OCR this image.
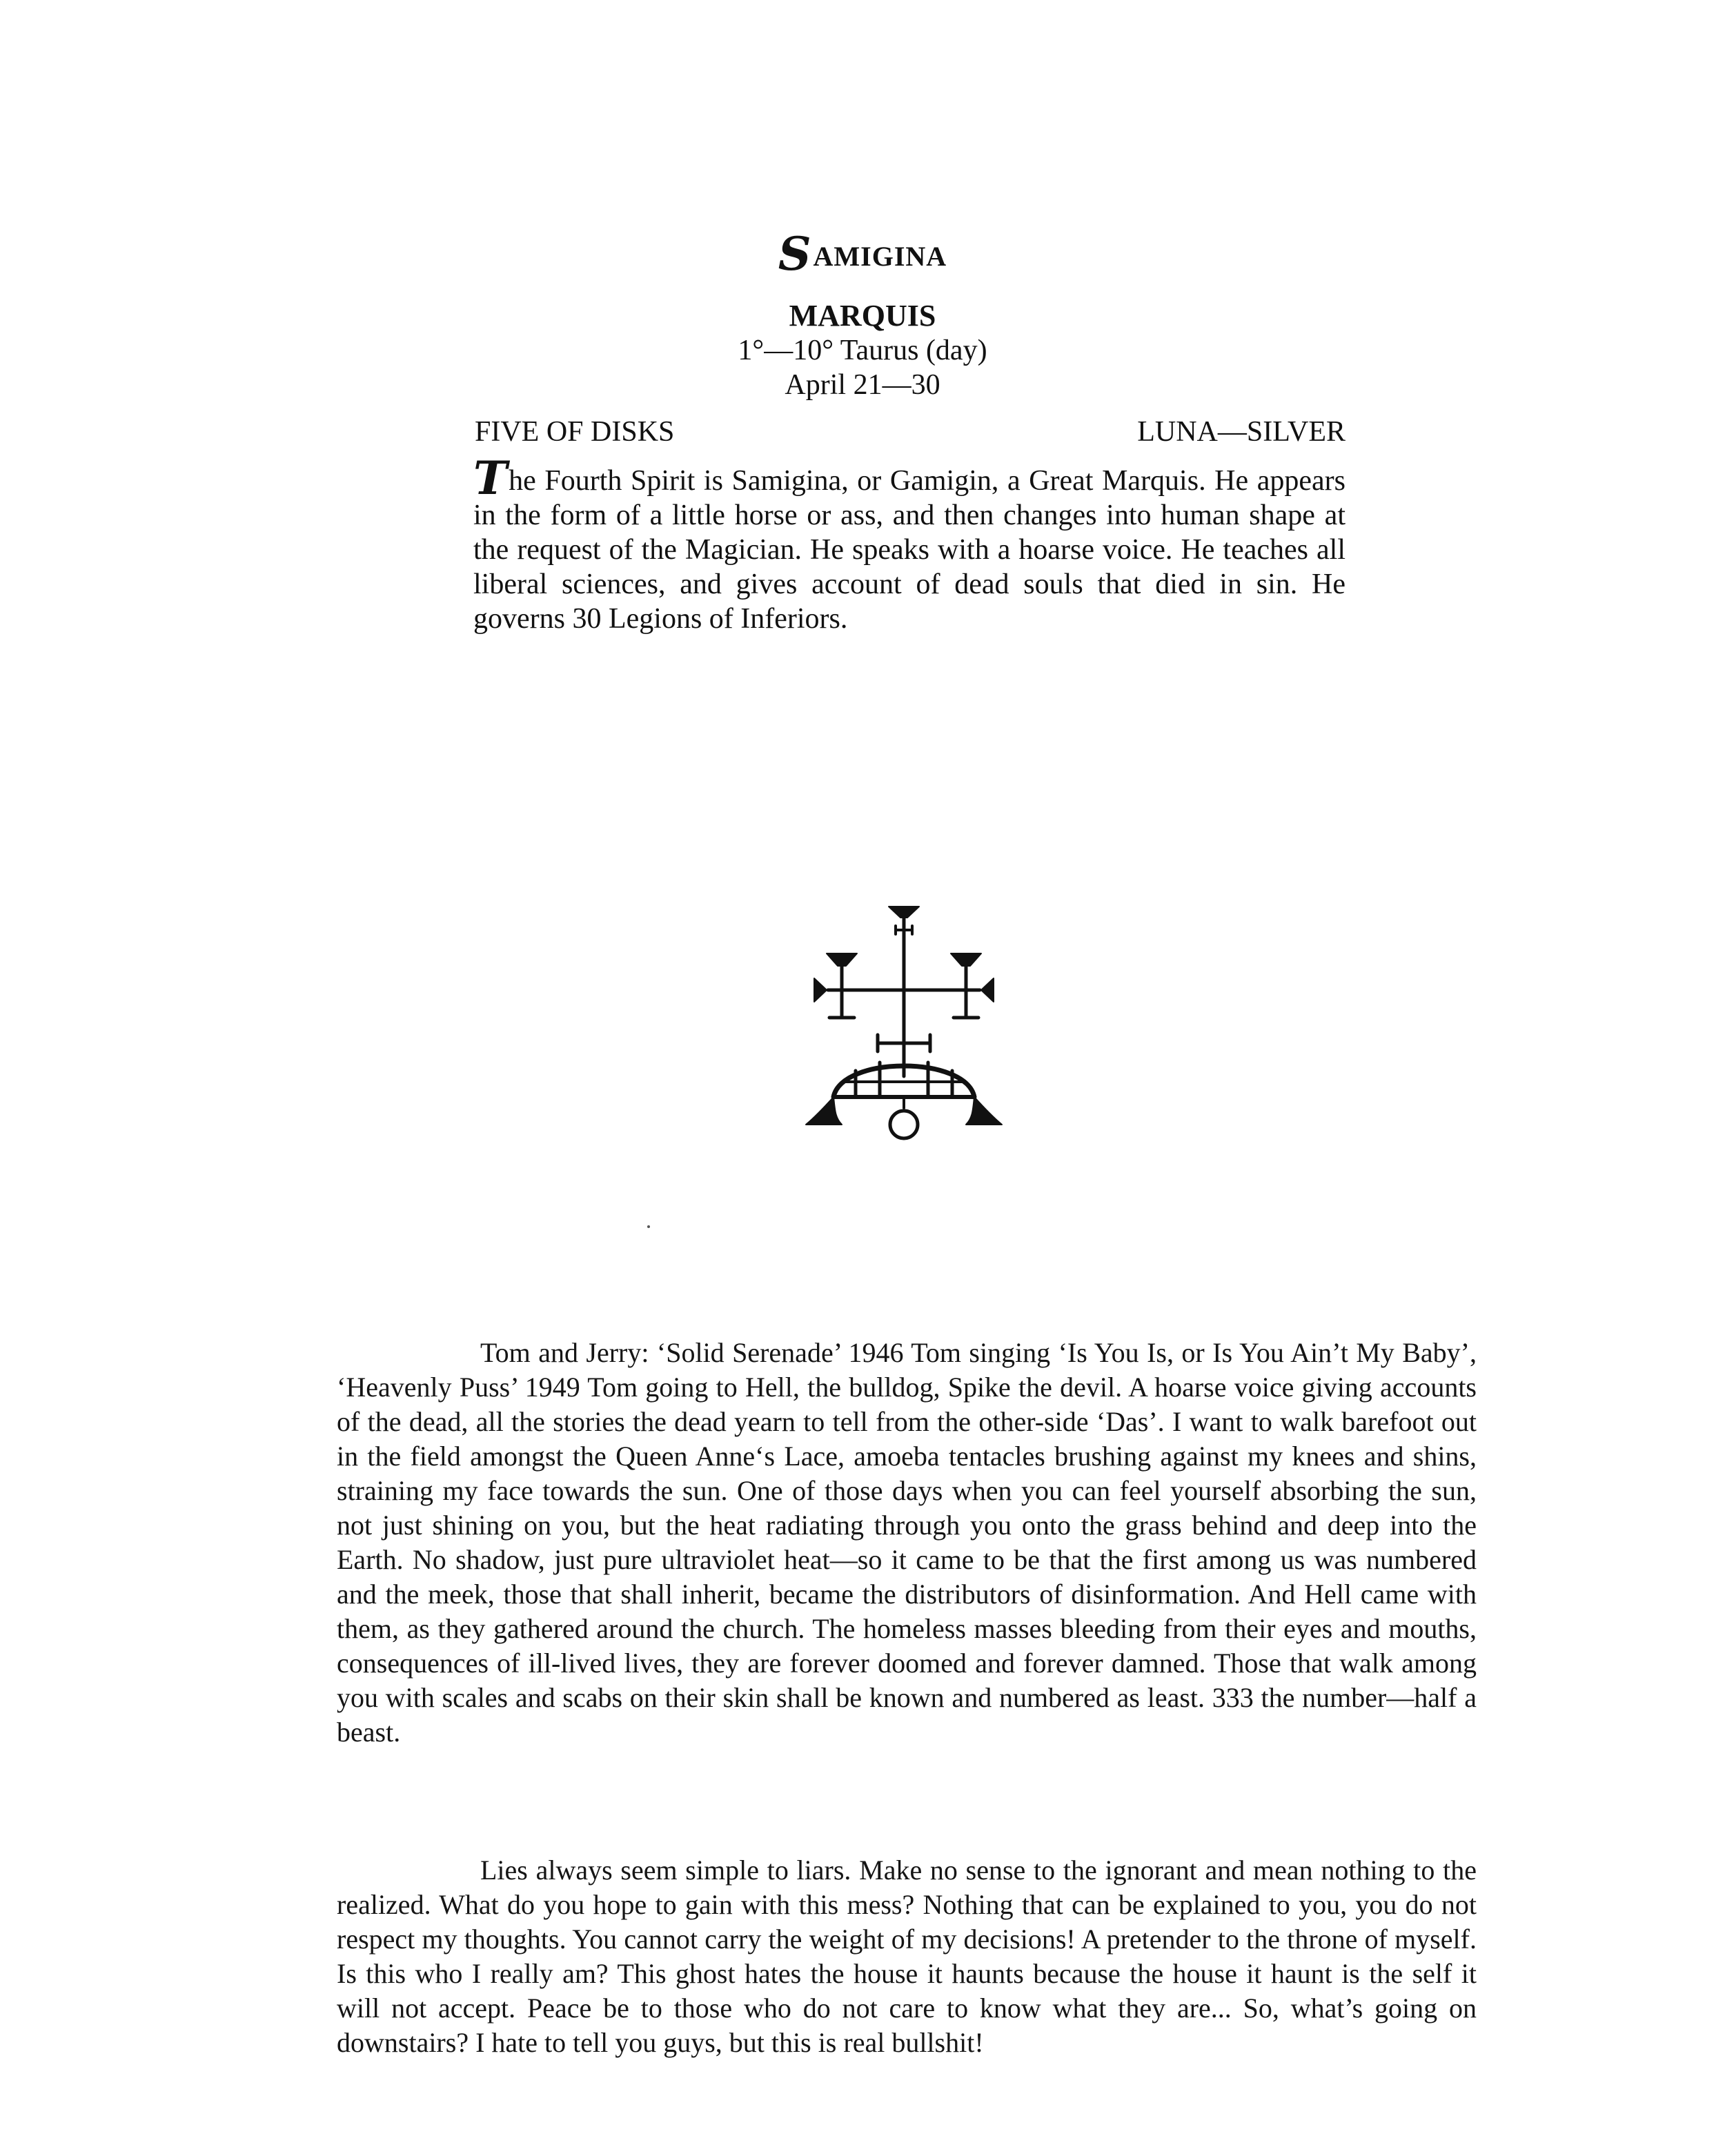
SAMIGINA
MARQUIS
1°—10° Taurus (day)
April 21—30
FIVE OF DISKS	LUNA—SILVER
The Fourth Spirit is Samigina, or Gamigin, a Great Marquis. He appears in the form of a little horse or ass, and then changes into human shape at the request of the Magician. He speaks with a hoarse voice. He teaches all liberal sciences, and gives account of dead souls that died in sin. He governs 30 Legions of Inferiors.

Tom and Jerry: ‘Solid Serenade’ 1946 Tom singing ‘Is You Is, or Is You Ain’t My Baby’, ‘Heavenly Puss’ 1949 Tom going to Hell, the bulldog, Spike the devil. A hoarse voice giving accounts of the dead, all the stories the dead yearn to tell from the other-side ‘Das’. I want to walk barefoot out in the field amongst the Queen Anne‘s Lace, amoeba tentacles brushing against my knees and shins, straining my face towards the sun. One of those days when you can feel yourself absorbing the sun, not just shining on you, but the heat radiating through you onto the grass behind and deep into the Earth. No shadow, just pure ultraviolet heat—so it came to be that the first among us was numbered and the meek, those that shall inherit, became the distributors of disinformation. And Hell came with them, as they gathered around the church. The homeless masses bleeding from their eyes and mouths, consequences of ill-lived lives, they are forever doomed and forever damned. Those that walk among you with scales and scabs on their skin shall be known and numbered as least. 333 the number—half a beast.

Lies always seem simple to liars. Make no sense to the ignorant and mean nothing to the realized. What do you hope to gain with this mess? Nothing that can be explained to you, you do not respect my thoughts. You cannot carry the weight of my decisions! A pretender to the throne of myself. Is this who I really am? This ghost hates the house it haunts because the house it haunt is the self it will not accept. Peace be to those who do not care to know what they are... So, what’s going on downstairs? I hate to tell you guys, but this is real bullshit!
